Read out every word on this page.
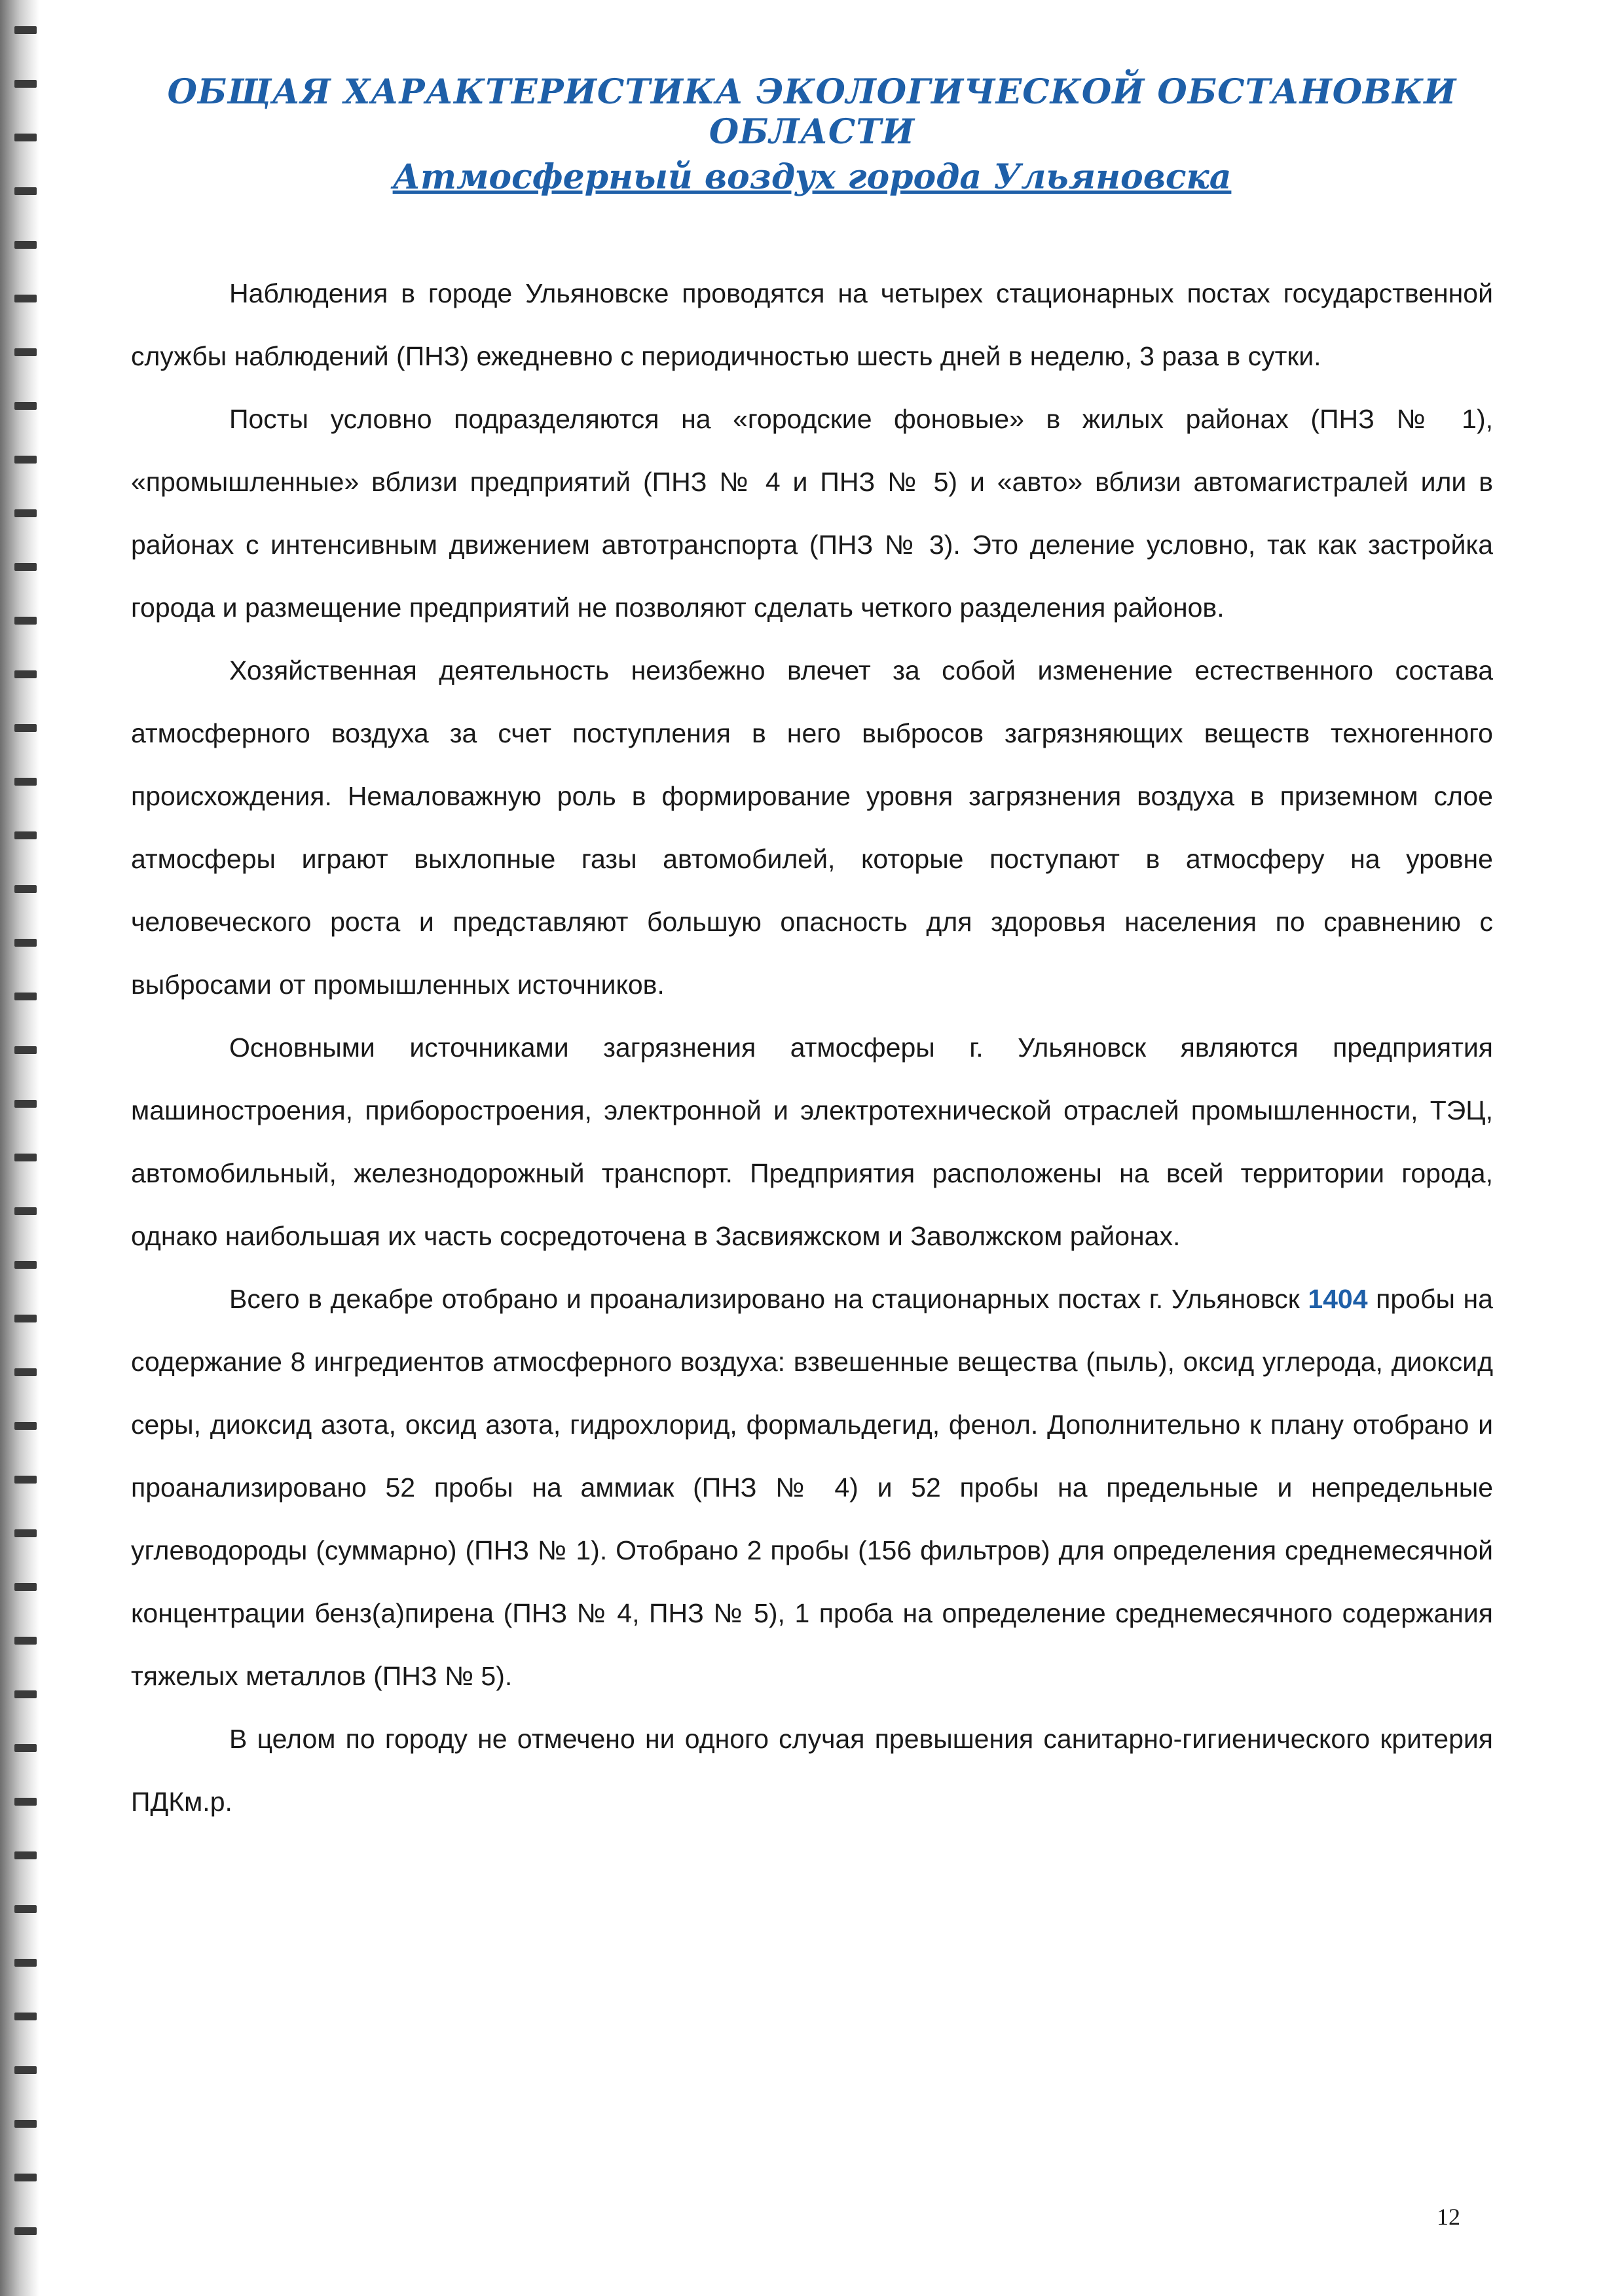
ОБЩАЯ ХАРАКТЕРИСТИКА ЭКОЛОГИЧЕСКОЙ ОБСТАНОВКИ ОБЛАСТИ
Атмосферный воздух города Ульяновска

Наблюдения в городе Ульяновске проводятся на четырех стационарных постах государственной службы наблюдений (ПНЗ) ежедневно с периодичностью шесть дней в неделю, 3 раза в сутки.

Посты условно подразделяются на «городские фоновые» в жилых районах (ПНЗ № 1), «промышленные» вблизи предприятий (ПНЗ № 4 и ПНЗ № 5) и «авто» вблизи автомагистралей или в районах с интенсивным движением автотранспорта (ПНЗ № 3). Это деление условно, так как застройка города и размещение предприятий не позволяют сделать четкого разделения районов.

Хозяйственная деятельность неизбежно влечет за собой изменение естественного состава атмосферного воздуха за счет поступления в него выбросов загрязняющих веществ техногенного происхождения. Немаловажную роль в формирование уровня загрязнения воздуха в приземном слое атмосферы играют выхлопные газы автомобилей, которые поступают в атмосферу на уровне человеческого роста и представляют большую опасность для здоровья населения по сравнению с выбросами от промышленных источников.

Основными источниками загрязнения атмосферы г. Ульяновск являются предприятия машиностроения, приборостроения, электронной и электротехнической отраслей промышленности, ТЭЦ, автомобильный, железнодорожный транспорт. Предприятия расположены на всей территории города, однако наибольшая их часть сосредоточена в Засвияжском и Заволжском районах.

Всего в декабре отобрано и проанализировано на стационарных постах г. Ульяновск 1404 пробы на содержание 8 ингредиентов атмосферного воздуха: взвешенные вещества (пыль), оксид углерода, диоксид серы, диоксид азота, оксид азота, гидрохлорид, формальдегид, фенол. Дополнительно к плану отобрано и проанализировано 52 пробы на аммиак (ПНЗ № 4) и 52 пробы на предельные и непредельные углеводороды (суммарно) (ПНЗ № 1). Отобрано 2 пробы (156 фильтров) для определения среднемесячной концентрации бенз(а)пирена (ПНЗ № 4, ПНЗ № 5), 1 проба на определение среднемесячного содержания тяжелых металлов (ПНЗ № 5).

В целом по городу не отмечено ни одного случая превышения санитарно-гигиенического критерия ПДКм.р.

12
